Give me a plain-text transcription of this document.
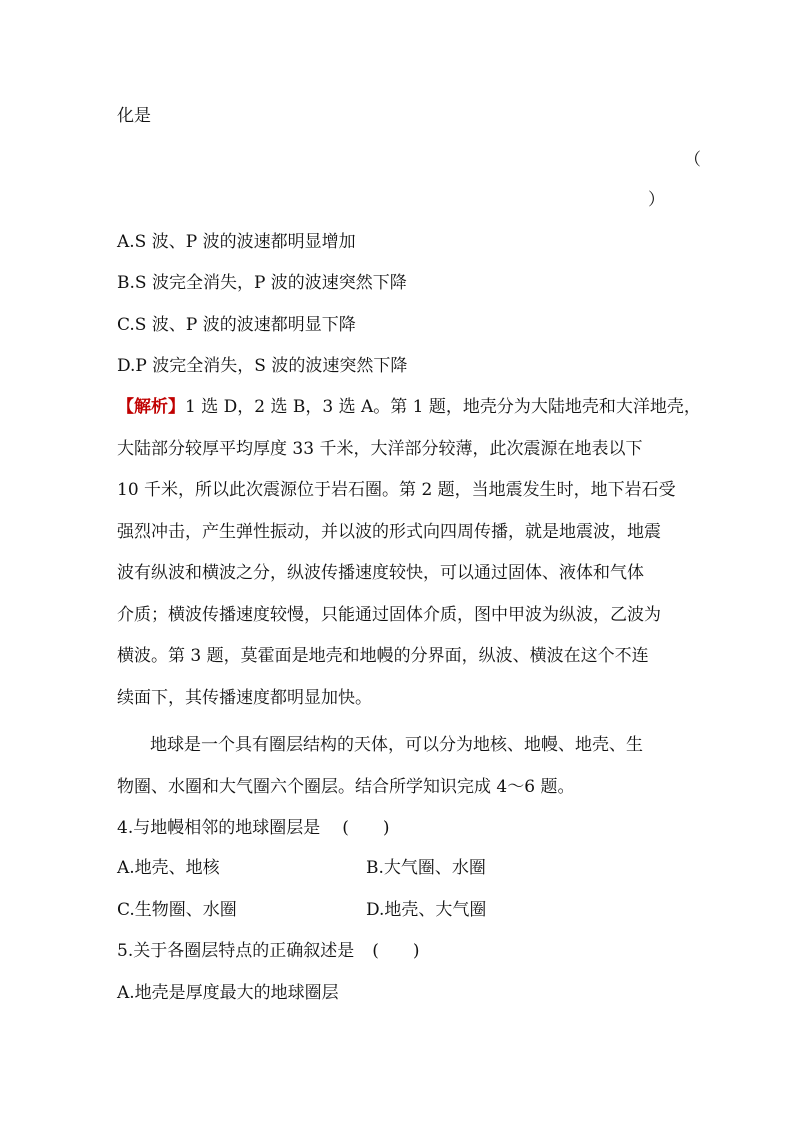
化是
（
）
A.S 波、P 波的波速都明显增加
B.S 波完全消失，P 波的波速突然下降
C.S 波、P 波的波速都明显下降
D.P 波完全消失，S 波的波速突然下降
【解析】1 选 D，2 选 B，3 选 A。第 1 题，地壳分为大陆地壳和大洋地壳，
大陆部分较厚平均厚度 33 千米，大洋部分较薄，此次震源在地表以下
10 千米，所以此次震源位于岩石圈。第 2 题，当地震发生时，地下岩石受
强烈冲击，产生弹性振动，并以波的形式向四周传播，就是地震波，地震
波有纵波和横波之分，纵波传播速度较快，可以通过固体、液体和气体
介质；横波传播速度较慢，只能通过固体介质，图中甲波为纵波，乙波为
横波。第 3 题，莫霍面是地壳和地幔的分界面，纵波、横波在这个不连
续面下，其传播速度都明显加快。
地球是一个具有圈层结构的天体，可以分为地核、地幔、地壳、生
物圈、水圈和大气圈六个圈层。结合所学知识完成 4～6 题。
4.与地幔相邻的地球圈层是 (　　)
A.地壳、地核	B.大气圈、水圈
C.生物圈、水圈	D.地壳、大气圈
5.关于各圈层特点的正确叙述是 (　　)
A.地壳是厚度最大的地球圈层
